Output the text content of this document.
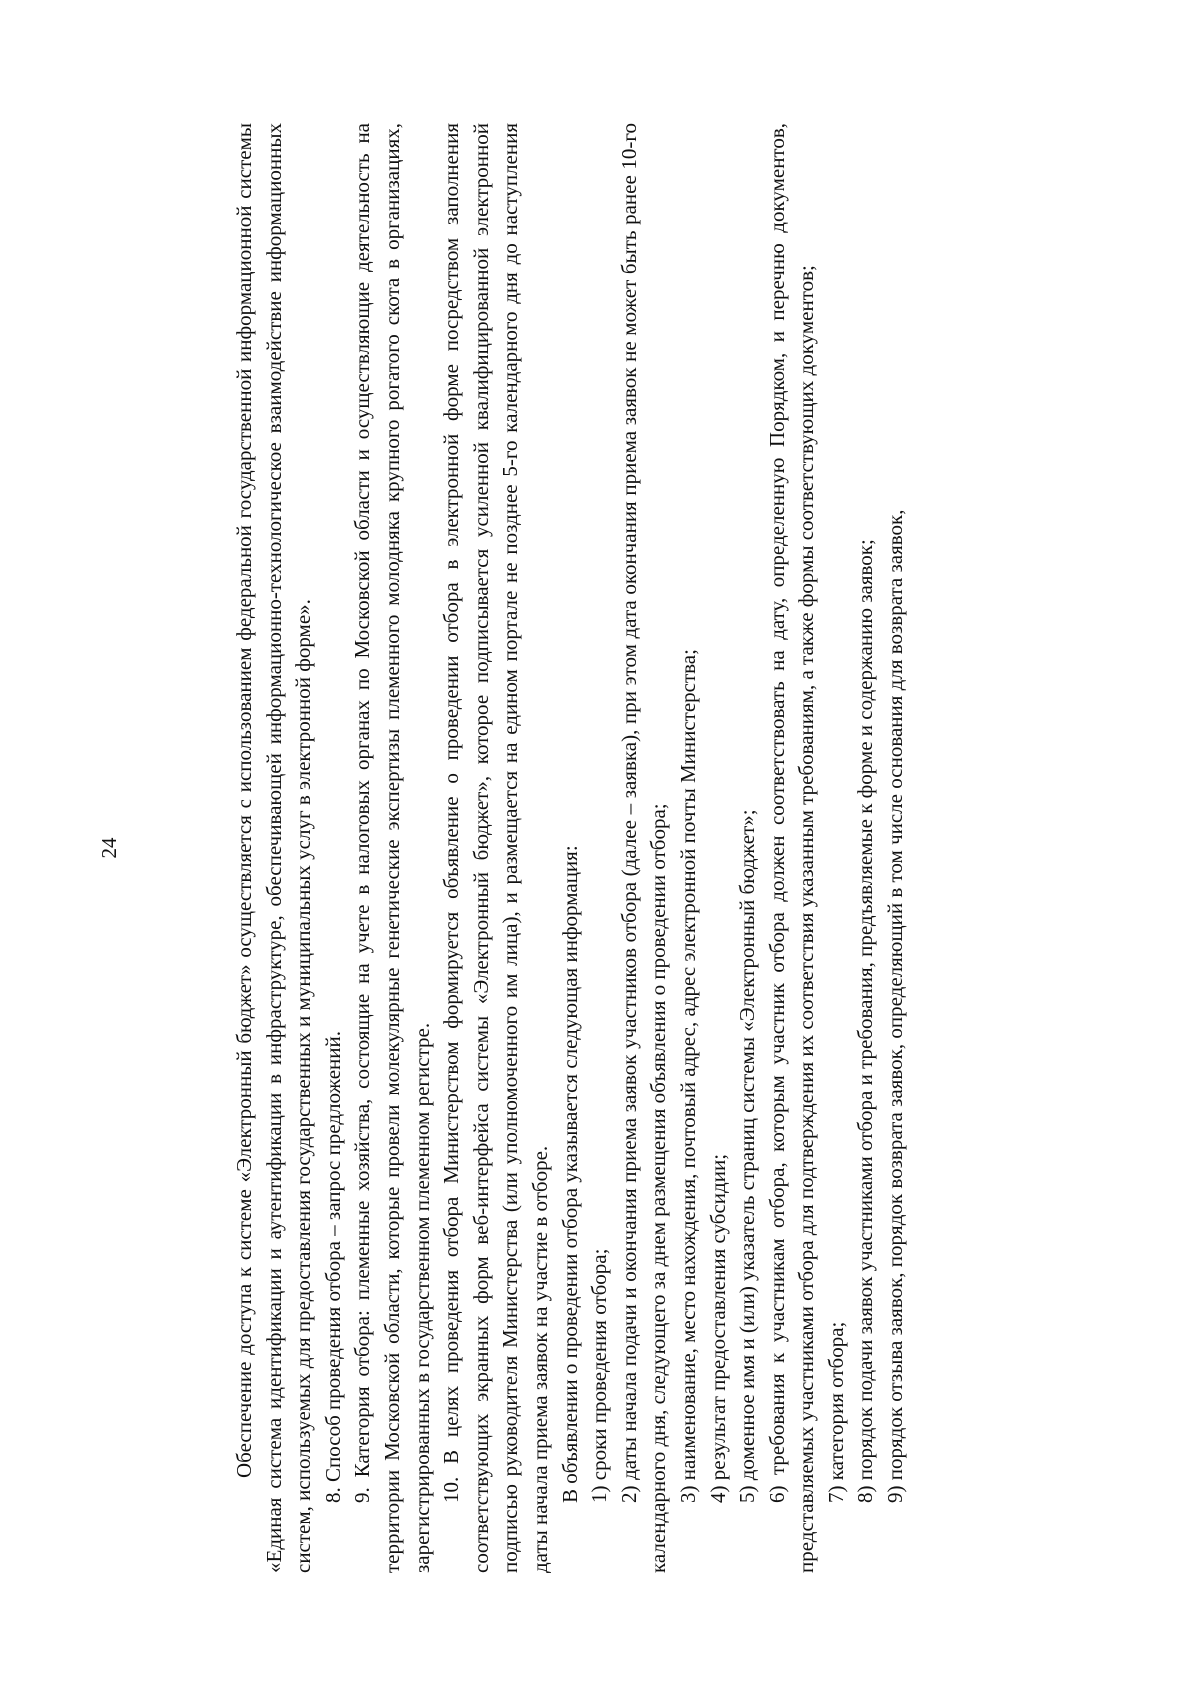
24	Обеспечение доступа к системе «Электронный бюджет» осуществляется с использованием федеральной государственной информационной системы «Единая система идентификации и аутентификации в инфраструктуре, обеспечивающей информационно-технологическое взаимодействие информационных систем, используемых для предоставления государственных и муниципальных услуг в электронной форме». 8. Способ проведения отбора – запрос предложений. 9. Категория отбора: племенные хозяйства, состоящие на учете в налоговых органах по Московской области и осуществляющие деятельность на территории Московской области, которые провели молекулярные генетические экспертизы племенного молодняка крупного рогатого скота в организациях, зарегистрированных в государственном племенном регистре. 10. В целях проведения отбора Министерством формируется объявление о проведении отбора в электронной форме посредством заполнения соответствующих экранных форм веб-интерфейса системы «Электронный бюджет», которое подписывается усиленной квалифицированной электронной подписью руководителя Министерства (или уполномоченного им лица), и размещается на едином портале не позднее 5-го календарного дня до наступления даты начала приема заявок на участие в отборе. В объявлении о проведении отбора указывается следующая информация: 1) сроки проведения отбора; 2) даты начала подачи и окончания приема заявок участников отбора (далее – заявка), при этом дата окончания приема заявок не может быть ранее 10-го календарного дня, следующего за днем размещения объявления о проведении отбора; 3) наименование, место нахождения, почтовый адрес, адрес электронной почты Министерства; 4) результат предоставления субсидии; 5) доменное имя и (или) указатель страниц системы «Электронный бюджет»; 6) требования к участникам отбора, которым участник отбора должен соответствовать на дату, определенную Порядком, и перечню документов, представляемых участниками отбора для подтверждения их соответствия указанным требованиям, а также формы соответствующих документов; 7) категория отбора; 8) порядок подачи заявок участниками отбора и требования, предъявляемые к форме и содержанию заявок; 9) порядок отзыва заявок, порядок возврата заявок, определяющий в том числе основания для возврата заявок,
